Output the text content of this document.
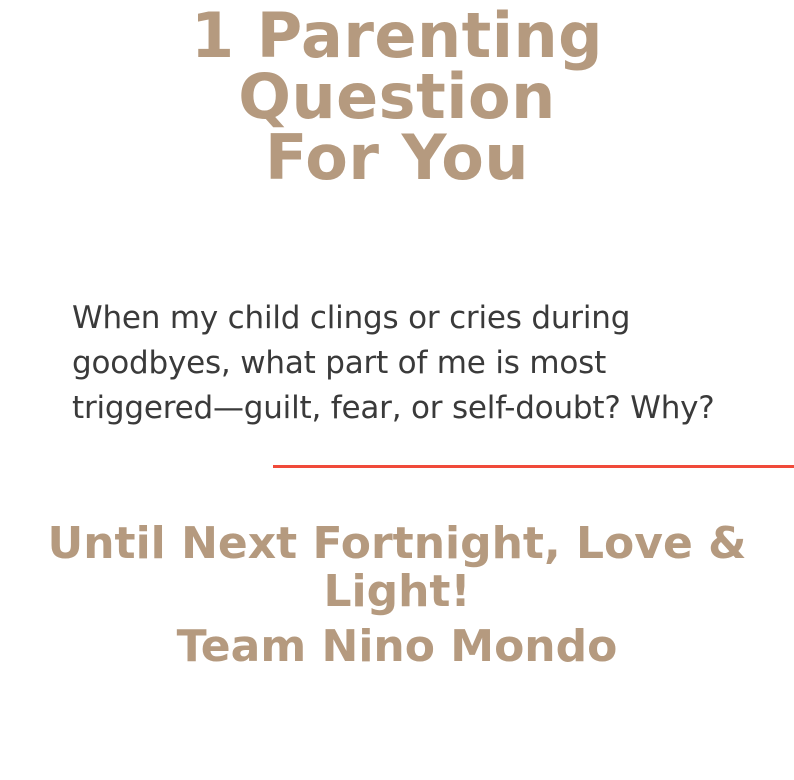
1 Parenting Question
For You

When my child clings or cries during goodbyes, what part of me is most triggered—guilt, fear, or self-doubt? Why?

Until Next Fortnight, Love & Light!
Team Nino Mondo
